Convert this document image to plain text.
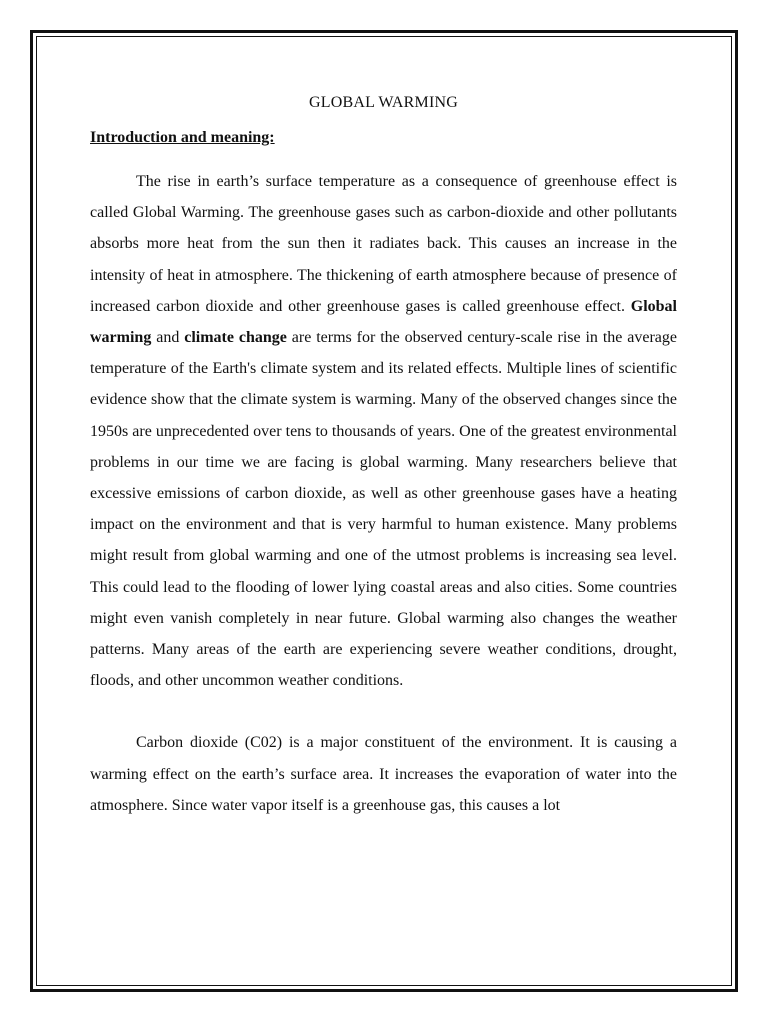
GLOBAL WARMING
Introduction and meaning:

The rise in earth’s surface temperature as a consequence of greenhouse effect is called Global Warming. The greenhouse gases such as carbon-dioxide and other pollutants absorbs more heat from the sun then it radiates back. This causes an increase in the intensity of heat in atmosphere. The thickening of earth atmosphere because of presence of increased carbon dioxide and other greenhouse gases is called greenhouse effect. Global warming and climate change are terms for the observed century-scale rise in the average temperature of the Earth's climate system and its related effects. Multiple lines of scientific evidence show that the climate system is warming. Many of the observed changes since the 1950s are unprecedented over tens to thousands of years. One of the greatest environmental problems in our time we are facing is global warming. Many researchers believe that excessive emissions of carbon dioxide, as well as other greenhouse gases have a heating impact on the environment and that is very harmful to human existence. Many problems might result from global warming and one of the utmost problems is increasing sea level. This could lead to the flooding of lower lying coastal areas and also cities. Some countries might even vanish completely in near future. Global warming also changes the weather patterns. Many areas of the earth are experiencing severe weather conditions, drought, floods, and other uncommon weather conditions.

Carbon dioxide (C02) is a major constituent of the environment. It is causing a warming effect on the earth’s surface area. It increases the evaporation of water into the atmosphere. Since water vapor itself is a greenhouse gas, this causes a lot
